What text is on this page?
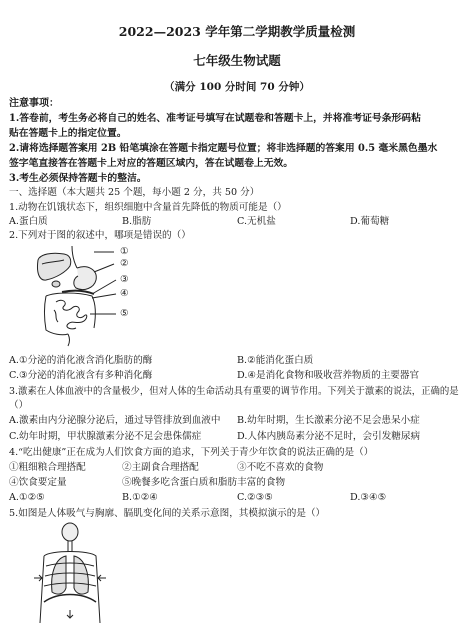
2022—2023 学年第二学期教学质量检测
七年级生物试题
（满分 100 分时间 70 分钟）
注意事项：
1.答卷前，考生务必将自己的姓名、准考证号填写在试题卷和答题卡上，并将准考证号条形码粘
贴在答题卡上的指定位置。
2.请将选择题答案用 2B 铅笔填涂在答题卡指定题号位置；将非选择题的答案用 0.5 毫米黑色墨水
签字笔直接答在答题卡上对应的答题区域内，答在试题卷上无效。
3.考生必须保持答题卡的整洁。
一、选择题（本大题共 25 个题，每小题 2 分，共 50 分）
1.动物在饥饿状态下，组织细胞中含量首先降低的物质可能是（）
A.蛋白质	B.脂肪	C.无机盐	D.葡萄糖
2.下列对于图的叙述中，哪项是错误的（）
①
②
③
④
⑤
A.①分泌的消化液含消化脂肪的酶	B.②能消化蛋白质
C.③分泌的消化液含有多种消化酶	D.④是消化食物和吸收营养物质的主要器官
3.激素在人体血液中的含量极少，但对人体的生命活动具有重要的调节作用。下列关于激素的说法，正确的是
（）
A.激素由内分泌腺分泌后，通过导管排放到血液中 B.幼年时期，生长激素分泌不足会患呆小症
C.幼年时期，甲状腺激素分泌不足会患侏儒症	D.人体内胰岛素分泌不足时，会引发糖尿病
4.“吃出健康”正在成为人们饮食方面的追求，下列关于青少年饮食的说法正确的是（）
①粗细粮合理搭配	②主副食合理搭配	③不吃不喜欢的食物
④饮食要定量	⑤晚餐多吃含蛋白质和脂肪丰富的食物
A.①②⑤	B.①②④	C.②③⑤	D.③④⑤
5.如图是人体吸气与胸廓、膈肌变化间的关系示意图，其模拟演示的是（）
